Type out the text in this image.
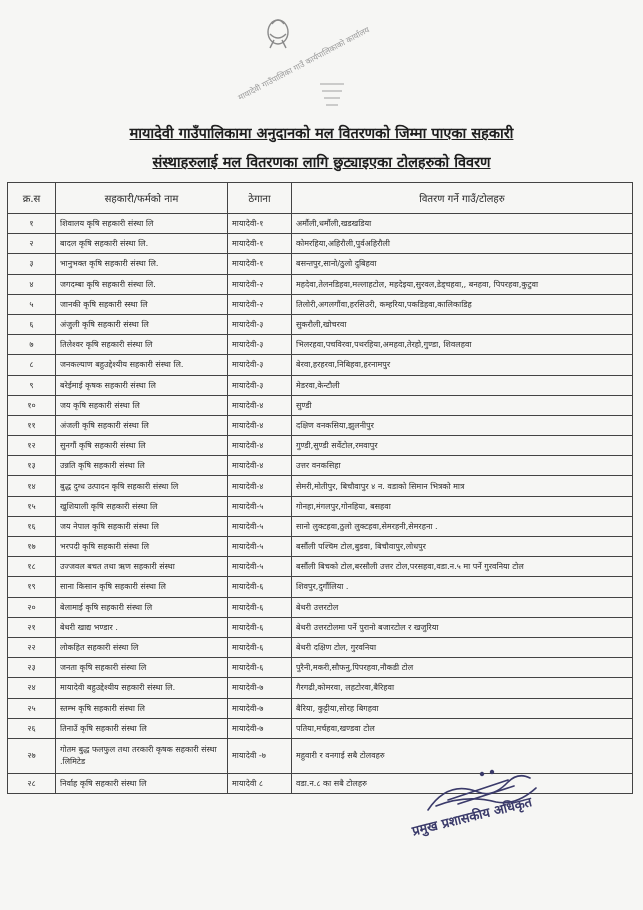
मायादेवी गाउँपालिका गाउँ कार्यपालिकाको कार्यालय
मायादेवी गाउँपालिकामा अनुदानको मल वितरणको जिम्मा पाएका सहकारी
संस्थाहरुलाई मल वितरणका लागि छुट्याइएका टोलहरुको विवरण
क्र.स	सहकारी/फर्मको नाम	ठेगाना	वितरण गर्ने गाउँ/टोलहरु
१	शिवालय कृषि सहकारी संस्था लि	मायादेवी-१	अर्मौली,धर्मौली,खडखडिया
२	बादल कृषि सहकारी संस्था लि.	मायादेवी-१	कोमरहिया,अहिरौली,पुर्वअहिरौली
३	भानुभक्त कृषि सहकारी संस्था लि.	मायादेवी-१	बसन्तपुर,सानो/ठुलो दुबिहवा
४	जगदम्बा कृषि सहकारी संस्था लि.	मायादेवी-२	महदेवा,तेलनडिहवा,मल्लाहटोल, महदेइया,सुरवल,डेड्चहवा,, बनहवा, पिपरहवा,कुटुवा
५	जानकी कृषि सहकारी स्स्था लि	मायादेवी-२	तिलोरी,अगलगौंवा,हरसिउरी, कम्हरिया,पकडिहवा,कालिकाडिह
६	अंजुली कृषि सहकारी संस्था लि	मायादेवी-३	सुकरौली,खोचरवा
७	तिलेश्वर कृषि सहकारी संस्था लि	मायादेवी-३	भिलरहवा,पचविरवा,पथरहिया,अमहवा,तेरहो,गुण्डा, शिवलहवा
८	जनकल्याण बहुउद्देश्यीय सहकारी संस्था लि.	मायादेवी-३	बेरवा,हरहरवा,निबिहवा,हरनामपुर
९	बरेईमाई कृषक सहकारी संस्था लि	मायादेवी-३	मेडरवा,केन्टौली
१०	जय कृषि सहकारी संस्था लि	मायादेवी-४	सुण्डी
११	अंजली कृषि सहकारी संस्था लि	मायादेवी-४	दक्षिण वनकसिया,झुलनीपुर
१२	सुनगौं कृषि सहकारी संस्था लि	मायादेवी-४	गुण्डी,सुण्डी सर्वेटोल,रमवापुर
१३	उन्नति कृषि सहकारी संस्था लि	मायादेवी-४	उत्तर वनकसिहा
१४	बुद्ध दुग्ध उत्पादन कृषि सहकारी संस्था लि	मायादेवी-४	सेमरी,मोतीपुर, बिचौवापुर ४ न. वडाको सिमान भित्रको मात्र
१५	खुशियाली कृषि सहकारी संस्था लि	मायादेवी-५	गोनहा,मंगलपुर,गोनहिया, बसहवा
१६	जय नेपाल कृषि सहकारी संस्था लि	मायादेवी-५	सानो लुक्टहवा,ठुलो लुक्टहवा,सेमरहनी,सेमरहना .
१७	भरपदी कृषि सहकारी संस्था लि	मायादेवी-५	बर्सौली पश्चिम टोल,बुडवा, बिचौवापुर,लोधपुर
१८	उज्जवल बचत तथा ऋण सहकारी संस्था	मायादेवी-५	बर्सौली बिचको टोल,बरसौली उत्तर टोल,परसहवा,वडा.न.५ मा पर्ने गुरवनिया टोल
१९	साना किसान कृषि सहकारी संस्था लि	मायादेवी-६	शिवपुर,दुर्गौलिया .
२०	बेलामाई कृषि सहकारी संस्था लि	मायादेवी-६	बेथरी उत्तरटोल
२१	बेथरी खाद्य भण्डार .	मायादेवी-६	बेथरी उत्तरटोलमा पर्ने पुरानो बजारटोल र खजुरिया
२२	लोकहित सहकारी संस्था लि	मायादेवी-६	बेथरी दक्षिण टोल, गुरवनिया
२३	जनता कृषि सहकारी संस्था लि	मायादेवी-६	पुरैनी,मकरी,सौफनु,पिपरहवा,नौकडी टोल
२४	मायादेवी बहुउद्देश्यीय सहकारी संस्था लि.	मायादेवी-७	गैरगढी,कोमरवा, लहटोरवा,बैरिहवा
२५	स्तम्भ कृषि सहकारी संस्था लि	मायादेवी-७	बैरिया, कुट्टीया,सोरह बिगहवा
२६	तिनाउँ कृषि सहकारी संस्था लि	मायादेवी-७	पतिया,मर्चहवा,खण्डवा टोल
२७	गोतम बुद्ध फलफुल तथा तरकारी कृषक सहकारी संस्था .लिमिटेड	मायादेवी -७	महुवारी र वनगाई सबै टोलवहरु
२८	निर्वाह कृषि सहकारी संस्था लि	मायादेवी ८	वडा.न.८ का सबै टोलहरु
प्रमुख प्रशासकीय अधिकृत
